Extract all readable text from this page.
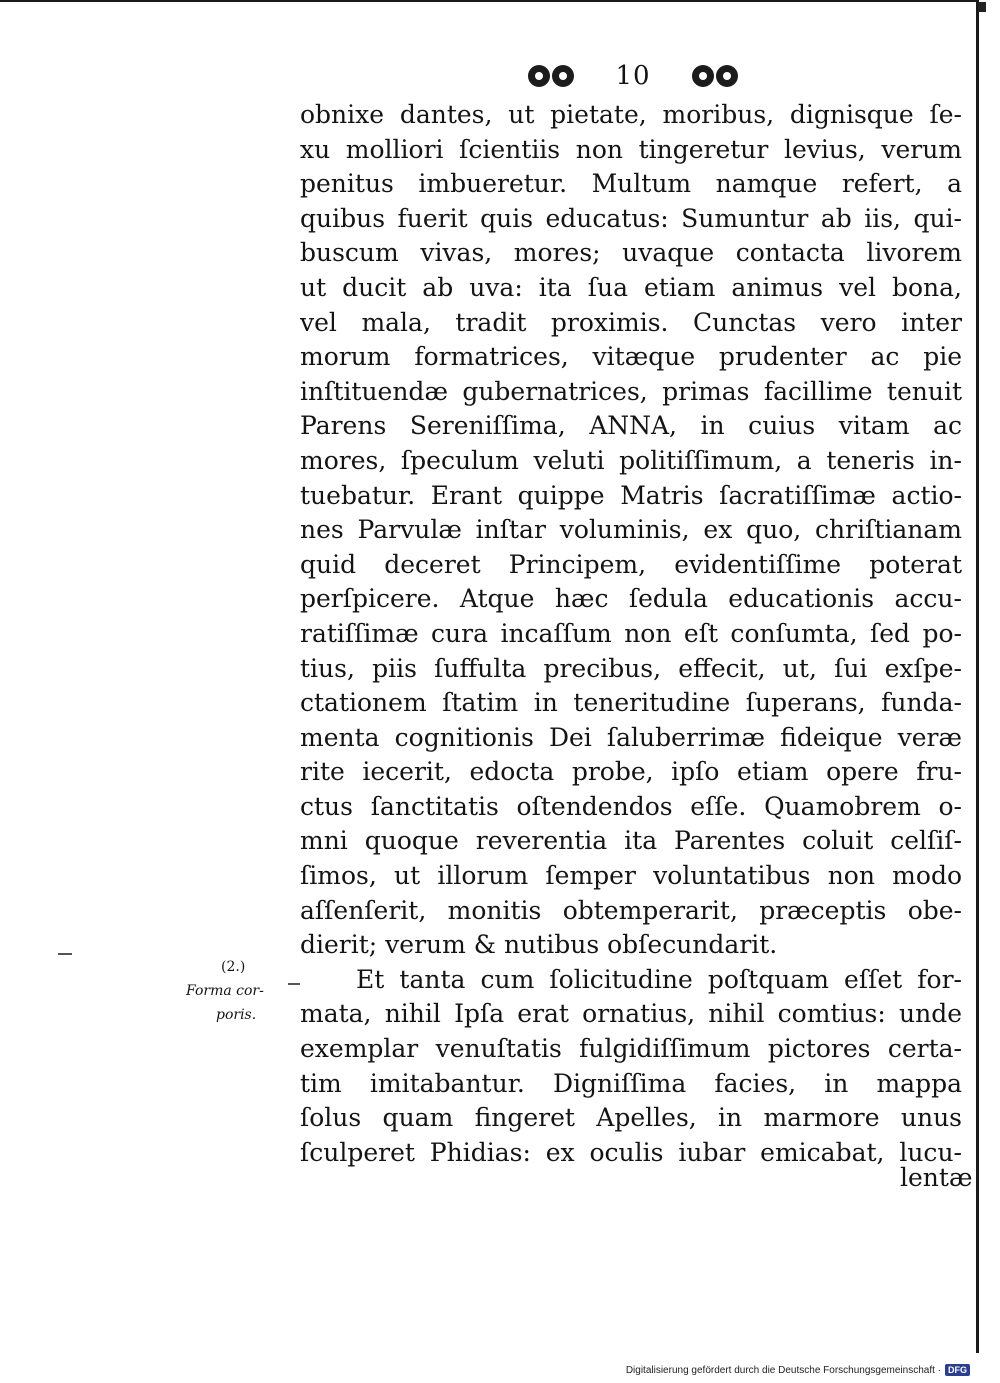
10
obnixe dantes, ut pietate, moribus, dignisque ſe-
xu molliori ſcientiis non tingeretur levius, verum
penitus imbueretur. Multum namque refert, a
quibus fuerit quis educatus: Sumuntur ab iis, qui-
buscum vivas, mores; uvaque contacta livorem
ut ducit ab uva: ita ſua etiam animus vel bona,
vel mala, tradit proximis. Cunctas vero inter
morum formatrices, vitæque prudenter ac pie
inſtituendæ gubernatrices, primas facillime tenuit
Parens Sereniſſima, ANNA, in cuius vitam ac
mores, ſpeculum veluti politiſſimum, a teneris in-
tuebatur. Erant quippe Matris ſacratiſſimæ actio-
nes Parvulæ inſtar voluminis, ex quo, chriſtianam
quid deceret Principem, evidentiſſime poterat
perſpicere. Atque hæc ſedula educationis accu-
ratiſſimæ cura incaſſum non eſt conſumta, ſed po-
tius, piis ſuffulta precibus, effecit, ut, ſui exſpe-
ctationem ſtatim in teneritudine ſuperans, funda-
menta cognitionis Dei ſaluberrimæ fideique veræ
rite iecerit, edocta probe, ipſo etiam opere fru-
ctus ſanctitatis oſtendendos eſſe. Quamobrem o-
mni quoque reverentia ita Parentes coluit celſiſ-
ſimos, ut illorum ſemper voluntatibus non modo
aſſenſerit, monitis obtemperarit, præceptis obe-
dierit; verum & nutibus obſecundarit.
Et tanta cum ſolicitudine poſtquam eſſet for-
mata, nihil Ipſa erat ornatius, nihil comtius: unde
exemplar venuſtatis fulgidiſſimum pictores certa-
tim imitabantur. Digniſſima facies, in mappa
ſolus quam fingeret Apelles, in marmore unus
ſculperet Phidias: ex oculis iubar emicabat, lucu-
lentæ
(2.)
Forma cor-
poris.
Digitalisierung gefördert durch die Deutsche Forschungsgemeinschaft · DFG
